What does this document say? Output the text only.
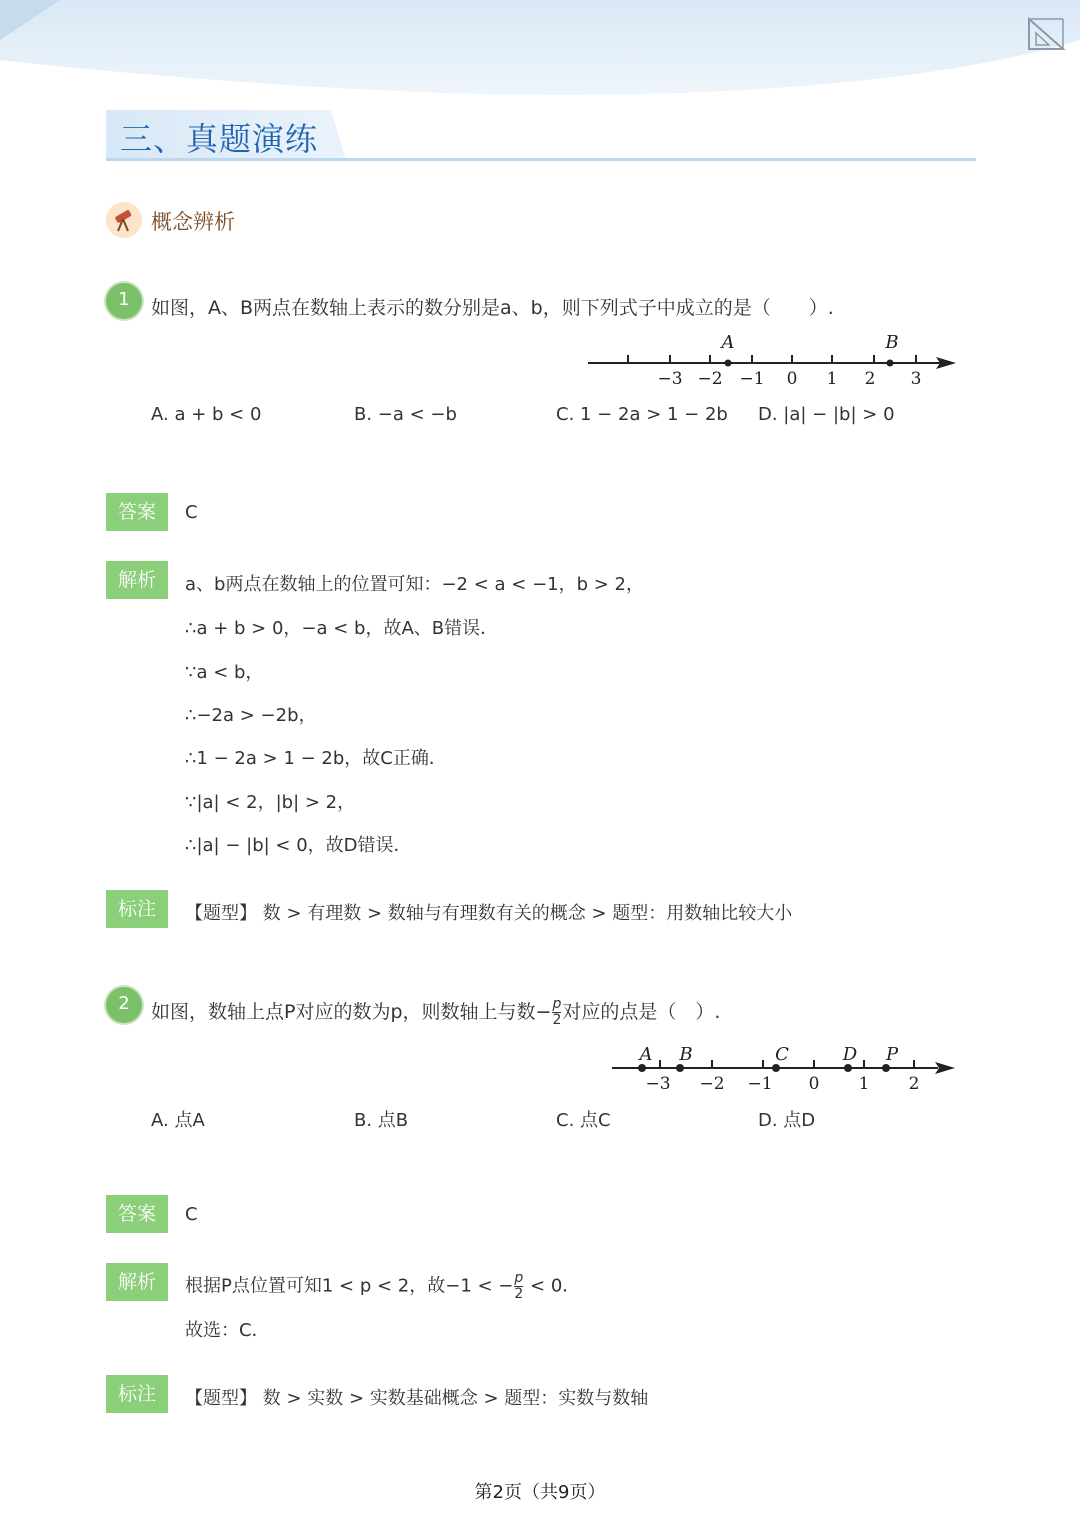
三、真题演练
概念辨析
1	如图，A、B两点在数轴上表示的数分别是a、b，则下列式子中成立的是（　　）.
−3 −2 −1 0 1 2 3
A	B
A. a + b < 0	B. −a < −b	C. 1 − 2a > 1 − 2b D. |a| − |b| > 0
答案	C
解析	a、b两点在数轴上的位置可知：−2 < a < −1，b > 2，
∴a + b > 0，−a < b，故A、B错误．
∵a < b，
∴−2a > −2b，
∴1 − 2a > 1 − 2b，故C正确．
∵|a| < 2，|b| > 2，
∴|a| − |b| < 0，故D错误．
标注	【题型】 数 > 有理数 > 数轴与有理数有关的概念 > 题型：用数轴比较大小
2	如图，数轴上点P对应的数为p，则数轴上与数− $\frac{p}{2}$ 对应的点是（　）.
−3 −2 −1 0 1 2
A B	C	D P
A. 点A	B. 点B	C. 点C	D. 点D
答案	C
解析	根据P点位置可知1 < p < 2，故−1 < − $\frac{p}{2} < 0$．
故选：C．
标注	【题型】 数 > 实数 > 实数基础概念 > 题型：实数与数轴
第2页（共9页）
